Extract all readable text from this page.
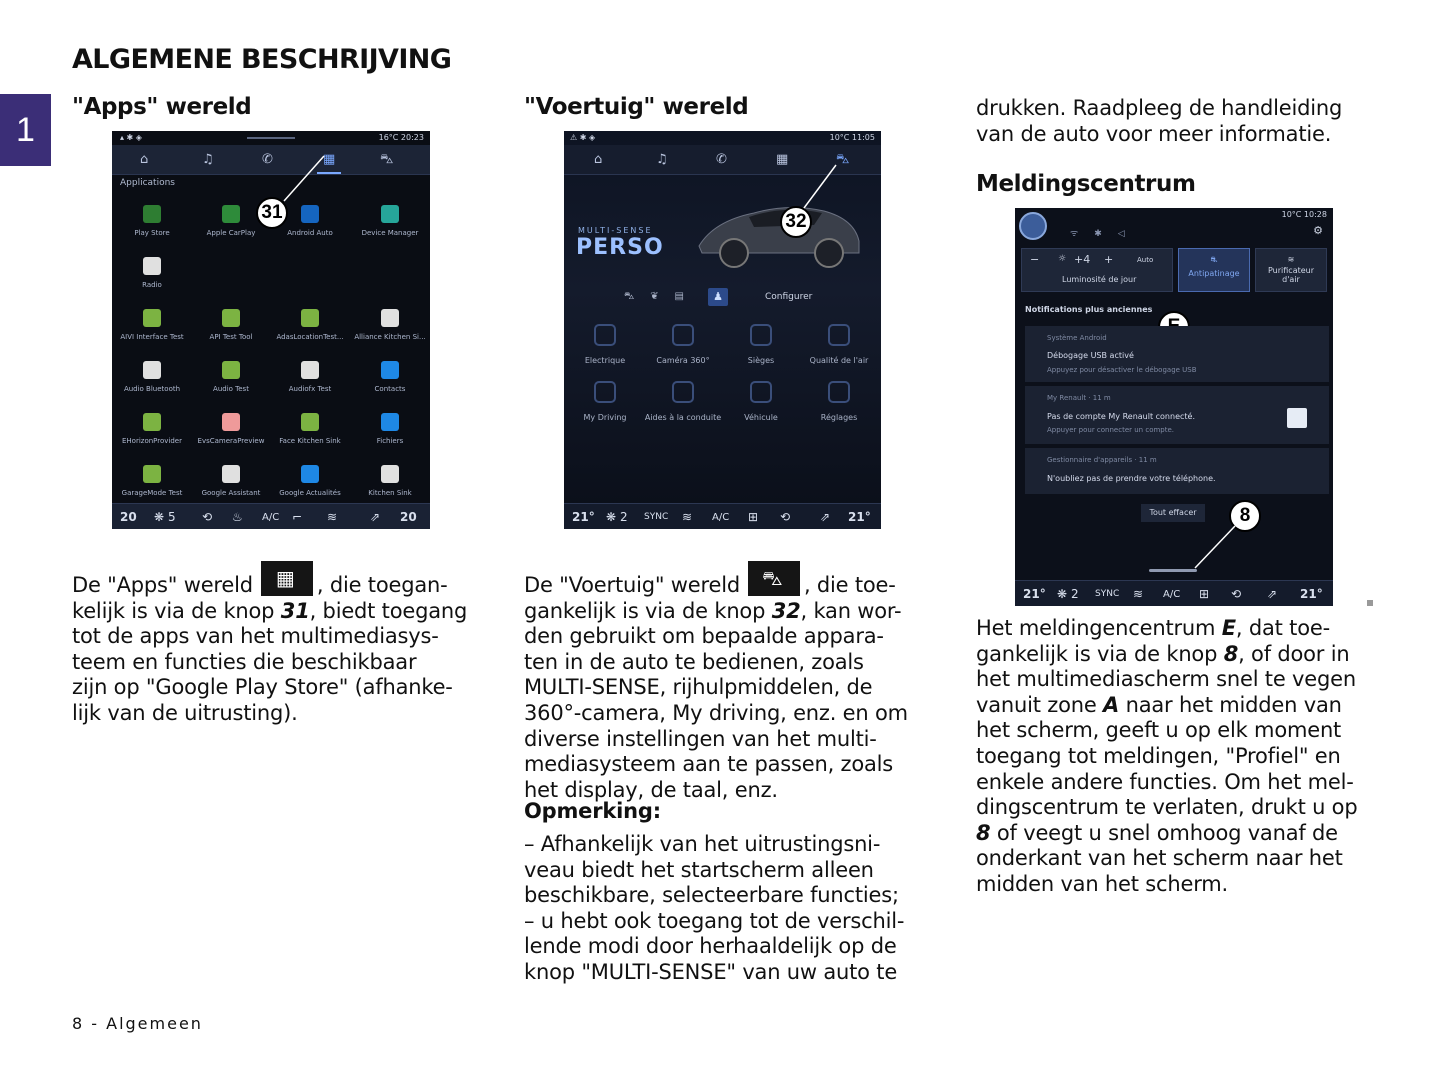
ALGEMENE BESCHRIJVING
1
"Apps" wereld
▴ ✱ ◈	16°C 20:23
⌂	♫	✆	▦	⛍
Applications
31
20 ❋ 5 ⟲ ♨ A/C ⌐ ≋	⇗ 20
Play Store	Apple CarPlay	Android Auto	Device Manager
Radio
AIVI Interface Test	API Test Tool	AdasLocationTest...	Alliance Kitchen Si...
Audio Bluetooth	Audio Test	Audiofx Test	Contacts
EHorizonProvider	EvsCameraPreview	Face Kitchen Sink	Fichiers
GarageMode Test	Google Assistant	Google Actualités	Kitchen Sink
De "Apps" wereld ▦ , die toegan-
kelijk is via de knop 31, biedt toegang
tot de apps van het multimediasys-
teem en functies die beschikbaar
zijn op "Google Play Store" (afhanke-
lijk van de uitrusting).
"Voertuig" wereld
⚠ ✱ ◈	10°C 11:05
⌂	♫	✆	▦	⛍
MULTI-SENSE
PERSO
32
⛍     ❦     ▤	♟	Configurer
21° ❋ 2 SYNC ≋ A/C ⊞ ⟲ ⇗ 21°
Electrique	Caméra 360°	Sièges	Qualité de l'air
My Driving	Aides à la conduite	Véhicule	Réglages
De "Voertuig" wereld ⛍ , die toe-
gankelijk is via de knop 32, kan wor-
den gebruikt om bepaalde appara-
ten in de auto te bedienen, zoals
MULTI-SENSE, rijhulpmiddelen, de
360°-camera, My driving, enz. en om
diverse instellingen van het multi-
mediasysteem aan te passen, zoals
het display, de taal, enz.
Opmerking:
– Afhankelijk van het uitrustingsni-
veau biedt het startscherm alleen
beschikbare, selecteerbare functies;
– u hebt ook toegang tot de verschil-
lende modi door herhaaldelijk op de
knop "MULTI-SENSE" van uw auto te
drukken. Raadpleeg de handleiding
van de auto voor meer informatie.
Meldingscentrum
10°C 10:28
⚙
ᯤ✱◁
− ☼ +4 +	Auto
Luminosité de jour
⛐
Antipatinage
≋
Purificateur d'air
Notifications plus anciennes
Système Android
Débogage USB activé
Appuyez pour désactiver le débogage USB
My Renault · 11 m
Pas de compte My Renault connecté.
Appuyer pour connecter un compte.
Gestionnaire d'appareils · 11 m
N'oubliez pas de prendre votre téléphone.
Tout effacer	8
21° ❋ 2 SYNC ≋ A/C ⊞ ⟲ ⇗ 21°
Het meldingencentrum E, dat toe-
gankelijk is via de knop 8, of door in
het multimediascherm snel te vegen
vanuit zone A naar het midden van
het scherm, geeft u op elk moment
toegang tot meldingen, "Profiel" en
enkele andere functies. Om het mel-
dingscentrum te verlaten, drukt u op
8 of veegt u snel omhoog vanaf de
onderkant van het scherm naar het
midden van het scherm.
8 - Algemeen
